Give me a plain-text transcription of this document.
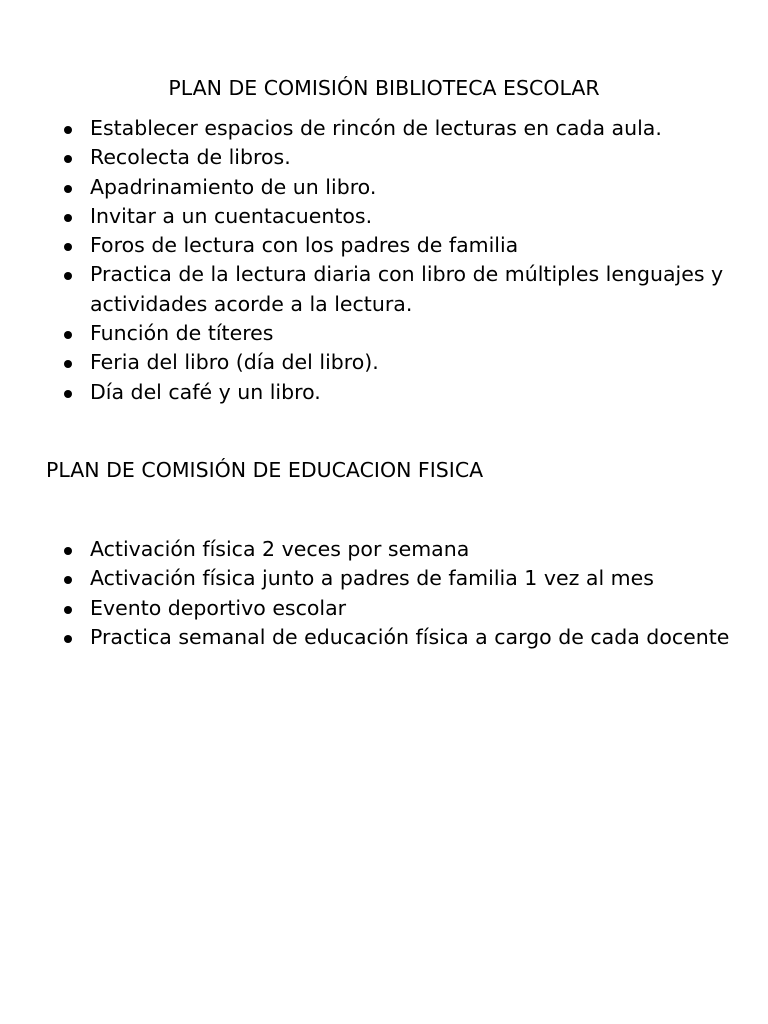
PLAN DE COMISIÓN BIBLIOTECA ESCOLAR
Establecer espacios de rincón de lecturas en cada aula.
Recolecta de libros.
Apadrinamiento de un libro.
Invitar a un cuentacuentos.
Foros de lectura con los padres de familia
Practica de la lectura diaria con libro de múltiples lenguajes y actividades acorde a la lectura.
Función de títeres
Feria del libro (día del libro).
Día del café y un libro.
PLAN DE COMISIÓN DE EDUCACION FISICA
Activación física 2 veces por semana
Activación física junto a padres de familia 1 vez al mes
Evento deportivo escolar
Practica semanal de educación física a cargo de cada docente
